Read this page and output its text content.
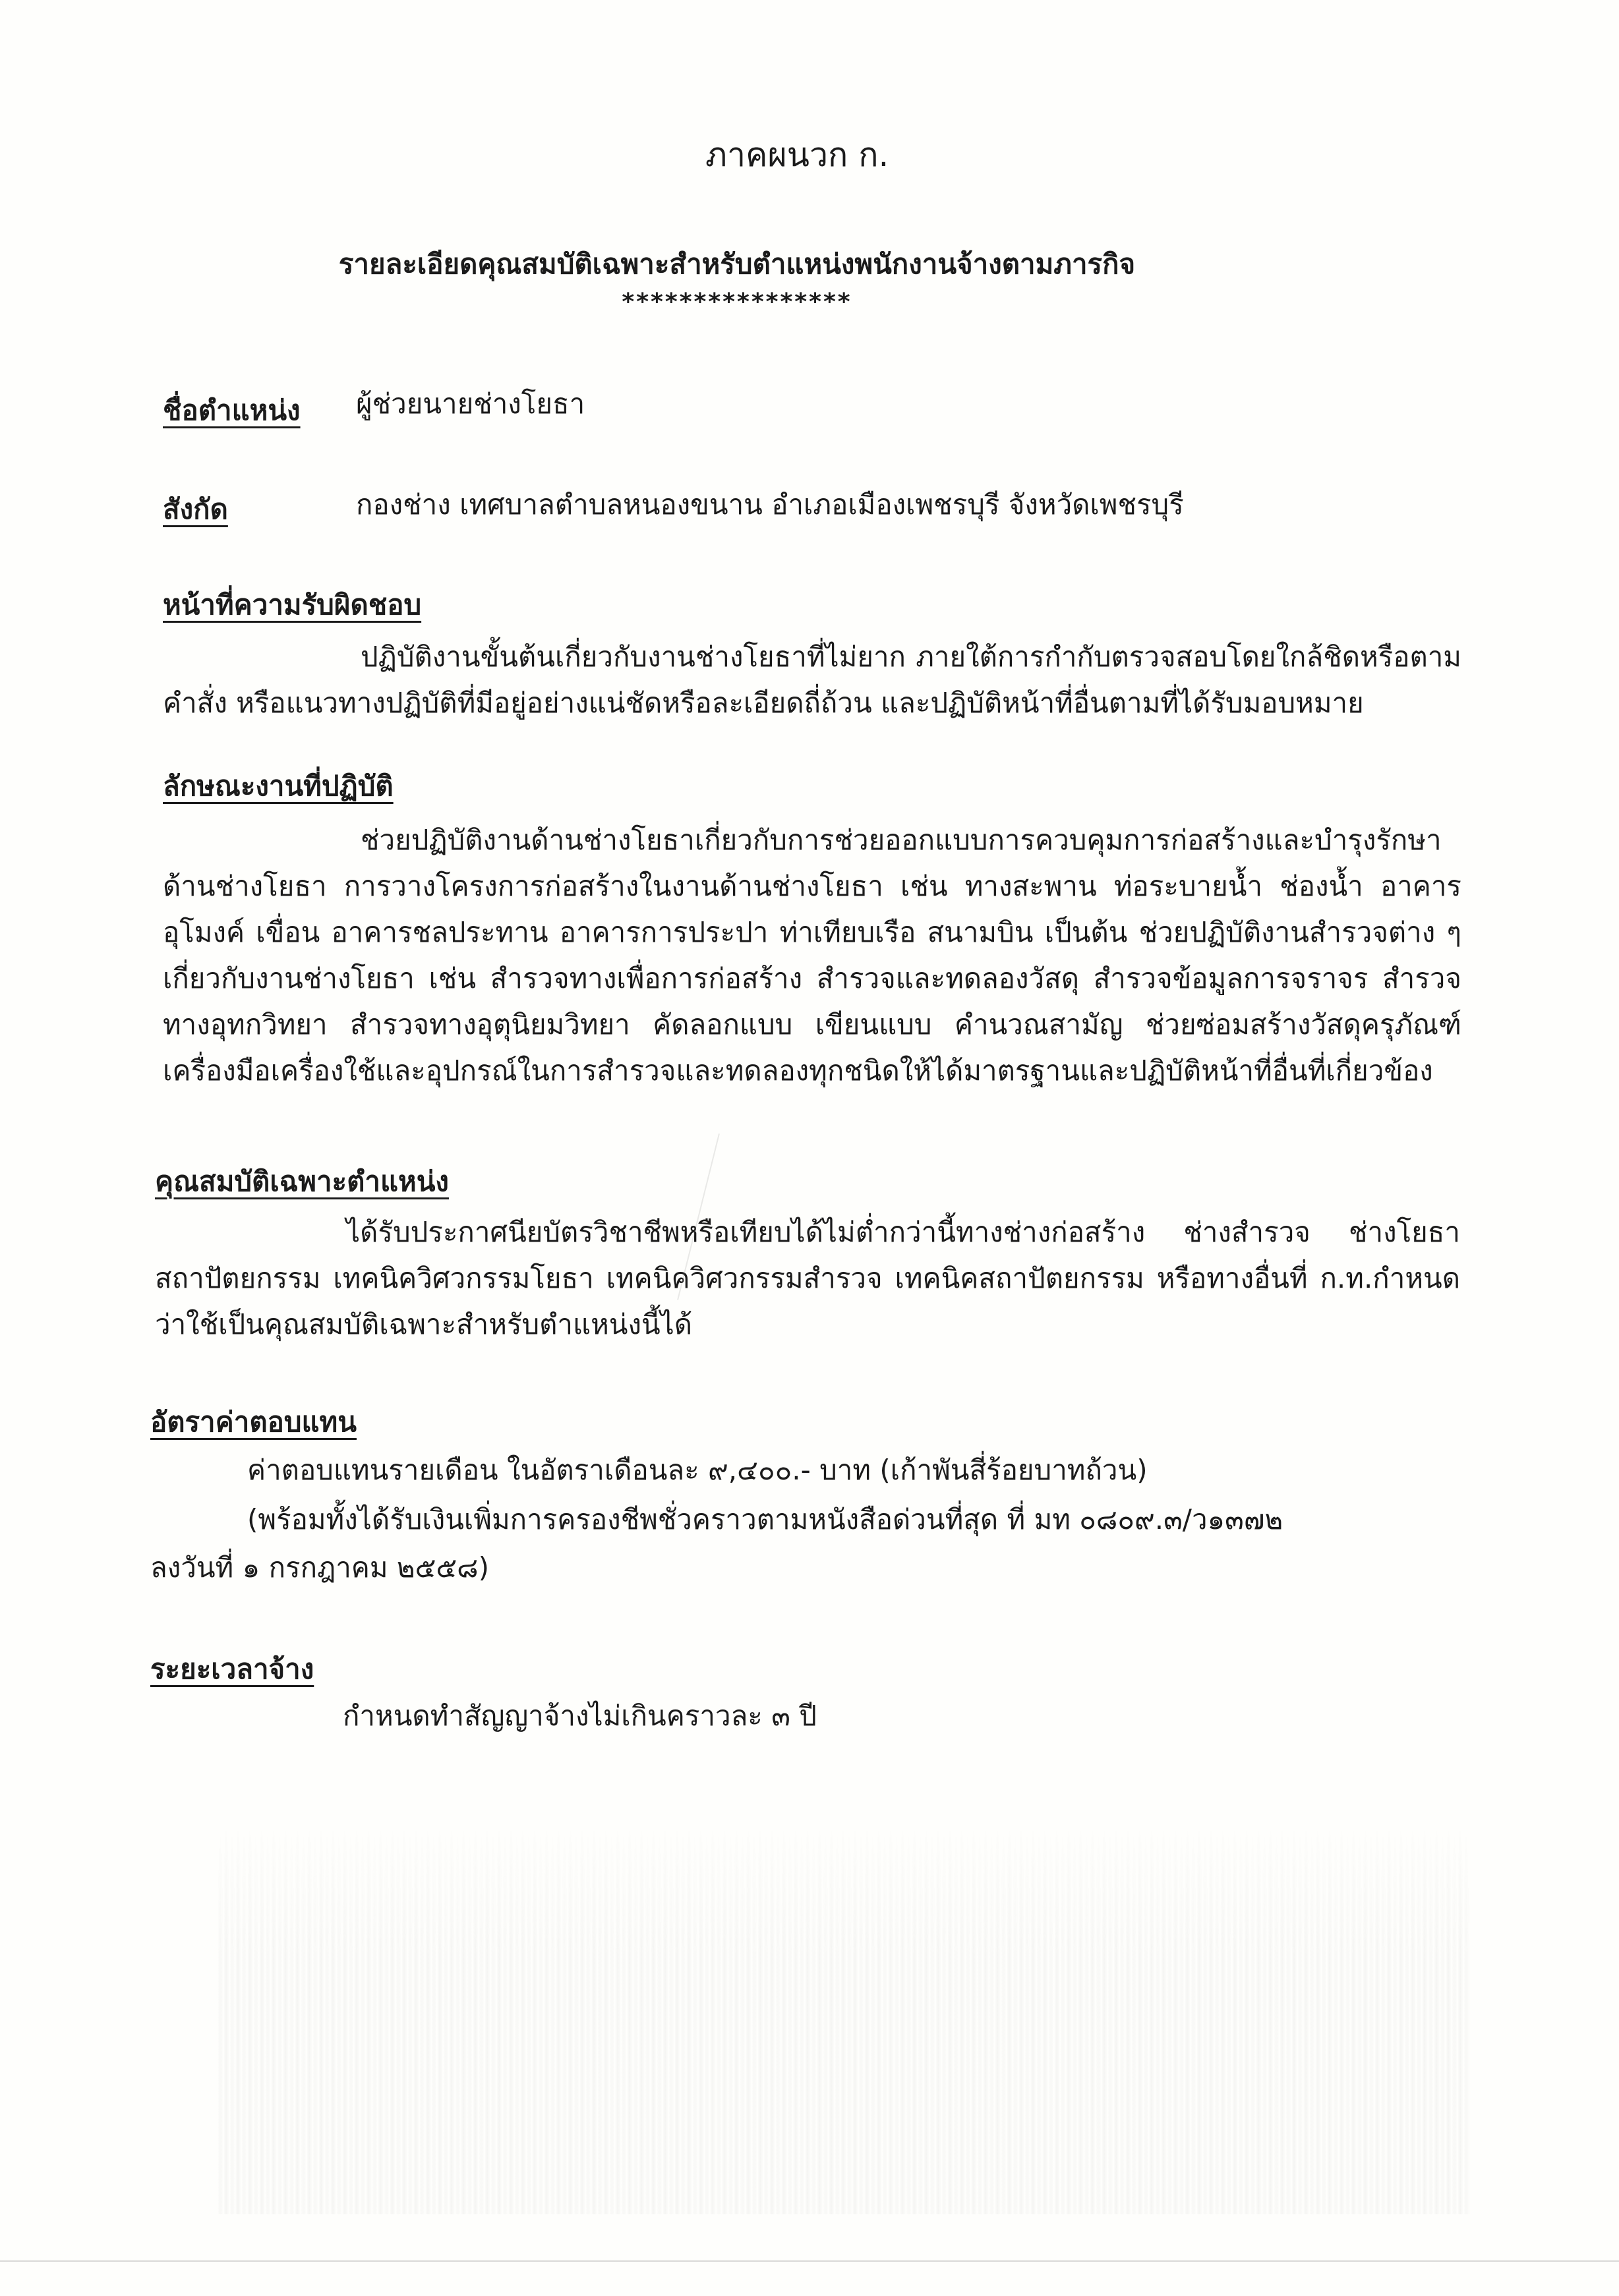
ภาคผนวก ก.
รายละเอียดคุณสมบัติเฉพาะสำหรับตำแหน่งพนักงานจ้างตามภารกิจ
****************
ชื่อตำแหน่ง ผู้ช่วยนายช่างโยธา
สังกัด	กองช่าง เทศบาลตำบลหนองขนาน อำเภอเมืองเพชรบุรี จังหวัดเพชรบุรี
หน้าที่ความรับผิดชอบ
ปฏิบัติงานขั้นต้นเกี่ยวกับงานช่างโยธาที่ไม่ยาก ภายใต้การกำกับตรวจสอบโดยใกล้ชิดหรือตามคำสั่ง หรือแนวทางปฏิบัติที่มีอยู่อย่างแน่ชัดหรือละเอียดถี่ถ้วน และปฏิบัติหน้าที่อื่นตามที่ได้รับมอบหมาย
ลักษณะงานที่ปฏิบัติ
ช่วยปฏิบัติงานด้านช่างโยธาเกี่ยวกับการช่วยออกแบบการควบคุมการก่อสร้างและบำรุงรักษาด้านช่างโยธา การวางโครงการก่อสร้างในงานด้านช่างโยธา เช่น ทางสะพาน ท่อระบายน้ำ ช่องน้ำ อาคาร อุโมงค์ เขื่อน อาคารชลประทาน อาคารการประปา ท่าเทียบเรือ สนามบิน เป็นต้น ช่วยปฏิบัติงานสำรวจต่าง ๆ เกี่ยวกับงานช่างโยธา เช่น สำรวจทางเพื่อการก่อสร้าง สำรวจและทดลองวัสดุ สำรวจข้อมูลการจราจร สำรวจทางอุทกวิทยา สำรวจทางอุตุนิยมวิทยา คัดลอกแบบ เขียนแบบ คำนวณสามัญ ช่วยซ่อมสร้างวัสดุครุภัณฑ์ เครื่องมือเครื่องใช้และอุปกรณ์ในการสำรวจและทดลองทุกชนิดให้ได้มาตรฐานและปฏิบัติหน้าที่อื่นที่เกี่ยวข้อง
คุณสมบัติเฉพาะตำแหน่ง
ได้รับประกาศนียบัตรวิชาชีพหรือเทียบได้ไม่ต่ำกว่านี้ทางช่างก่อสร้าง ช่างสำรวจ ช่างโยธา สถาปัตยกรรม เทคนิควิศวกรรมโยธา เทคนิควิศวกรรมสำรวจ เทคนิคสถาปัตยกรรม หรือทางอื่นที่ ก.ท.กำหนดว่าใช้เป็นคุณสมบัติเฉพาะสำหรับตำแหน่งนี้ได้
อัตราค่าตอบแทน
ค่าตอบแทนรายเดือน ในอัตราเดือนละ ๙,๔๐๐.- บาท (เก้าพันสี่ร้อยบาทถ้วน)
(พร้อมทั้งได้รับเงินเพิ่มการครองชีพชั่วคราวตามหนังสือด่วนที่สุด ที่ มท ๐๘๐๙.๓/ว๑๓๗๒
ลงวันที่ ๑ กรกฎาคม ๒๕๕๘)
ระยะเวลาจ้าง
กำหนดทำสัญญาจ้างไม่เกินคราวละ ๓ ปี
